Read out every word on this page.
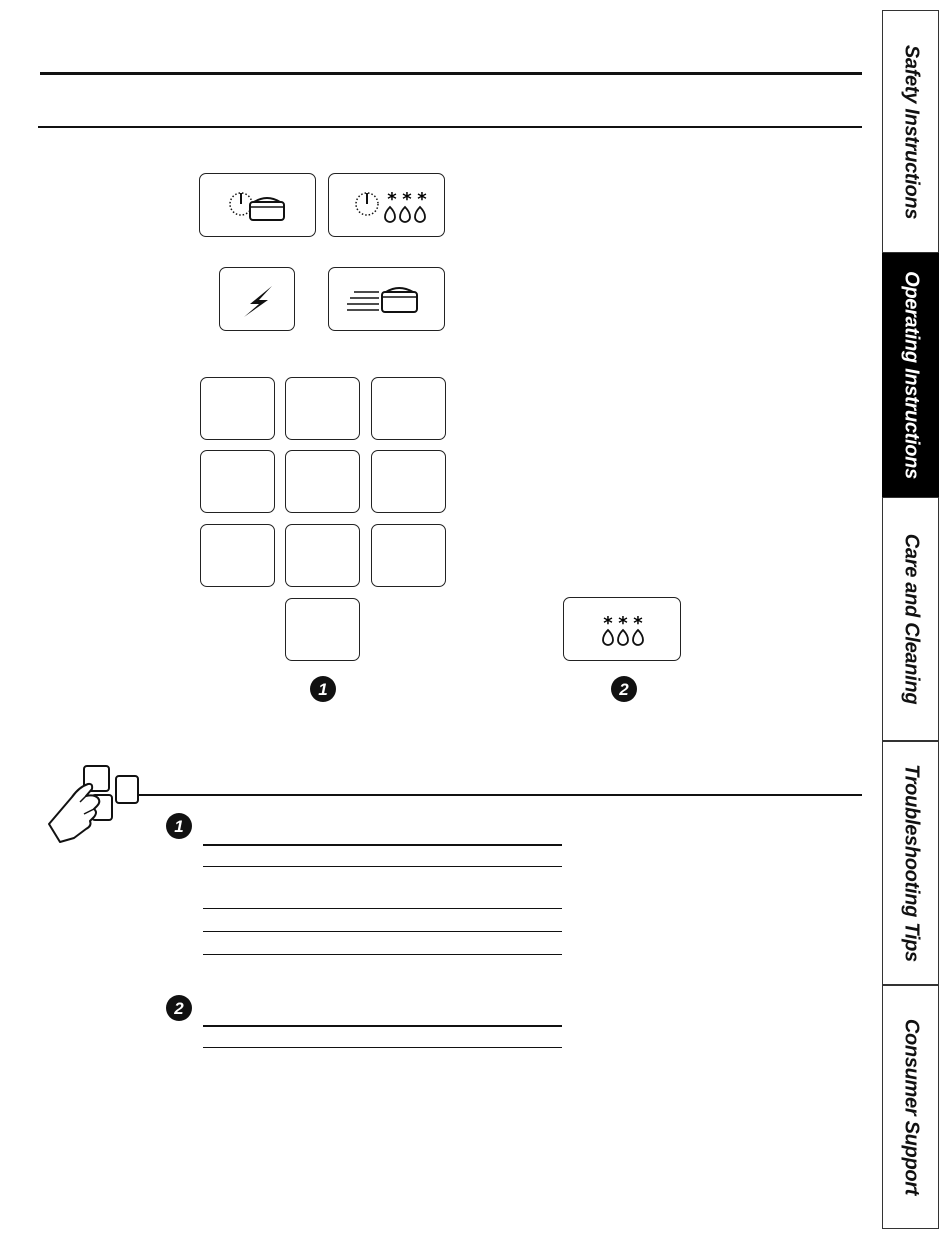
* * *
* * *
1	2
1
2
Safety Instructions
Operating Instructions
Care and Cleaning
Troubleshooting Tips
Consumer Support
